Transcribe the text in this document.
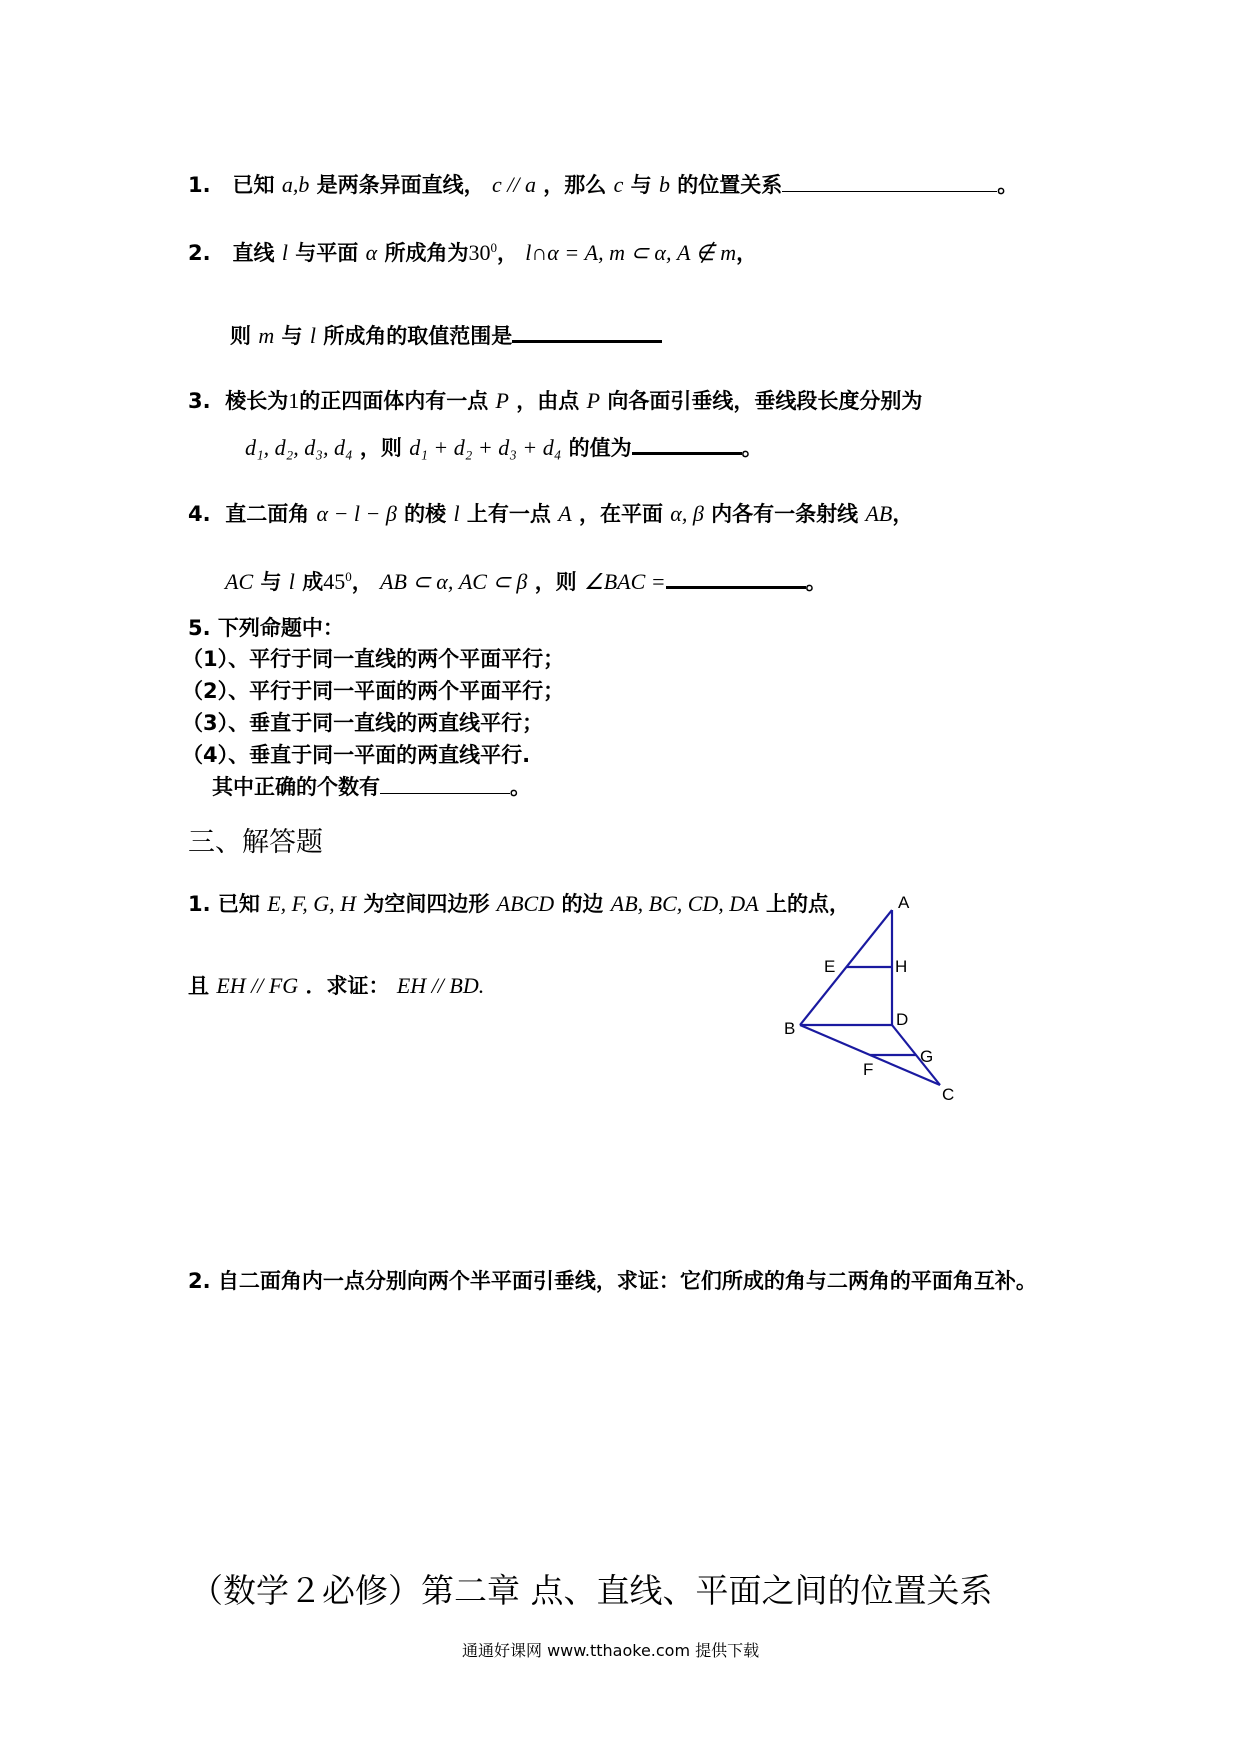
1. 已知 a,b 是两条异面直线， c // a ，那么 c 与 b 的位置关系	。
2. 直线 l 与平面 α 所成角为$30^0$， l∩α = A, m ⊂ α, A ∉ m，
则 m 与 l 所成角的取值范围是
3. 棱长为1的正四面体内有一点 P ，由点 P 向各面引垂线，垂线段长度分别为
d₁, d₂, d₃, d₄ ，则 d₁ + d₂ + d₃ + d₄ 的值为	。
4. 直二面角 α − l − β 的棱 l 上有一点 A ，在平面 α, β 内各有一条射线 AB，
AC 与 l 成$45^0$， AB ⊂ α, AC ⊂ β ，则 ∠BAC =	。
5. 下列命题中：
（1）、平行于同一直线的两个平面平行；
（2）、平行于同一平面的两个平面平行；
（3）、垂直于同一直线的两直线平行；
（4）、垂直于同一平面的两直线平行.
其中正确的个数有	。
三、解答题
1. 已知 E, F, G, H 为空间四边形 ABCD 的边 AB, BC, CD, DA 上的点，
且 EH // FG ．求证： EH // BD.
A
E	H
B	D
G
F
C
2. 自二面角内一点分别向两个半平面引垂线，求证：它们所成的角与二两角的平面角互补。
（数学２必修）第二章 点、直线、平面之间的位置关系
通通好课网 www.tthaoke.com 提供下载
